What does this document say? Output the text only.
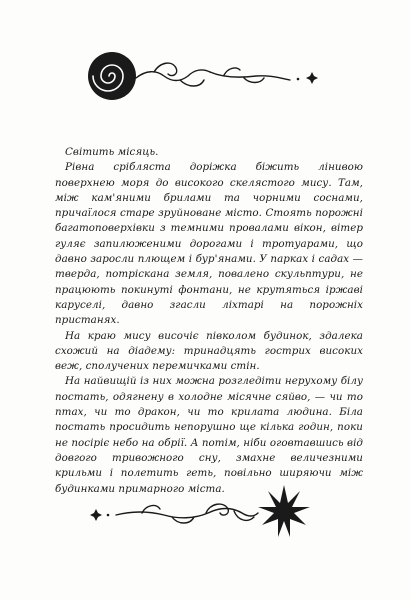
Світить місяць.

Рівна срібляста доріжка біжить лінивою поверхнею моря до високого скелястого мису. Там, між кам'яними брилами та чорними соснами, причаїлося старе зруйноване місто. Стоять порожні багатоповерхівки з темними провалами вікон, вітер гуляє запилюженими дорогами і тротуарами, що давно заросли плющем і бур'янами. У парках і садах — тверда, потріскана земля, повалено скульптури, не працюють покинуті фонтани, не крутяться іржаві каруселі, давно згасли ліхтарі на порожніх пристанях.

На краю мису височіє півколом будинок, здалека схожий на діадему: тринадцять гострих високих веж, сполучених перемичками стін.

На найвищій із них можна розгледіти нерухому білу постать, одягнену в холодне місячне сяйво, — чи то птах, чи то дракон, чи то крилата людина. Біла постать просидить непорушно ще кілька годин, поки не посіріє небо на обрії. А потім, ніби оговтавшись від довгого тривожного сну, змахне величезними крильми і полетить геть, повільно ширяючи між будинками примарного міста.
